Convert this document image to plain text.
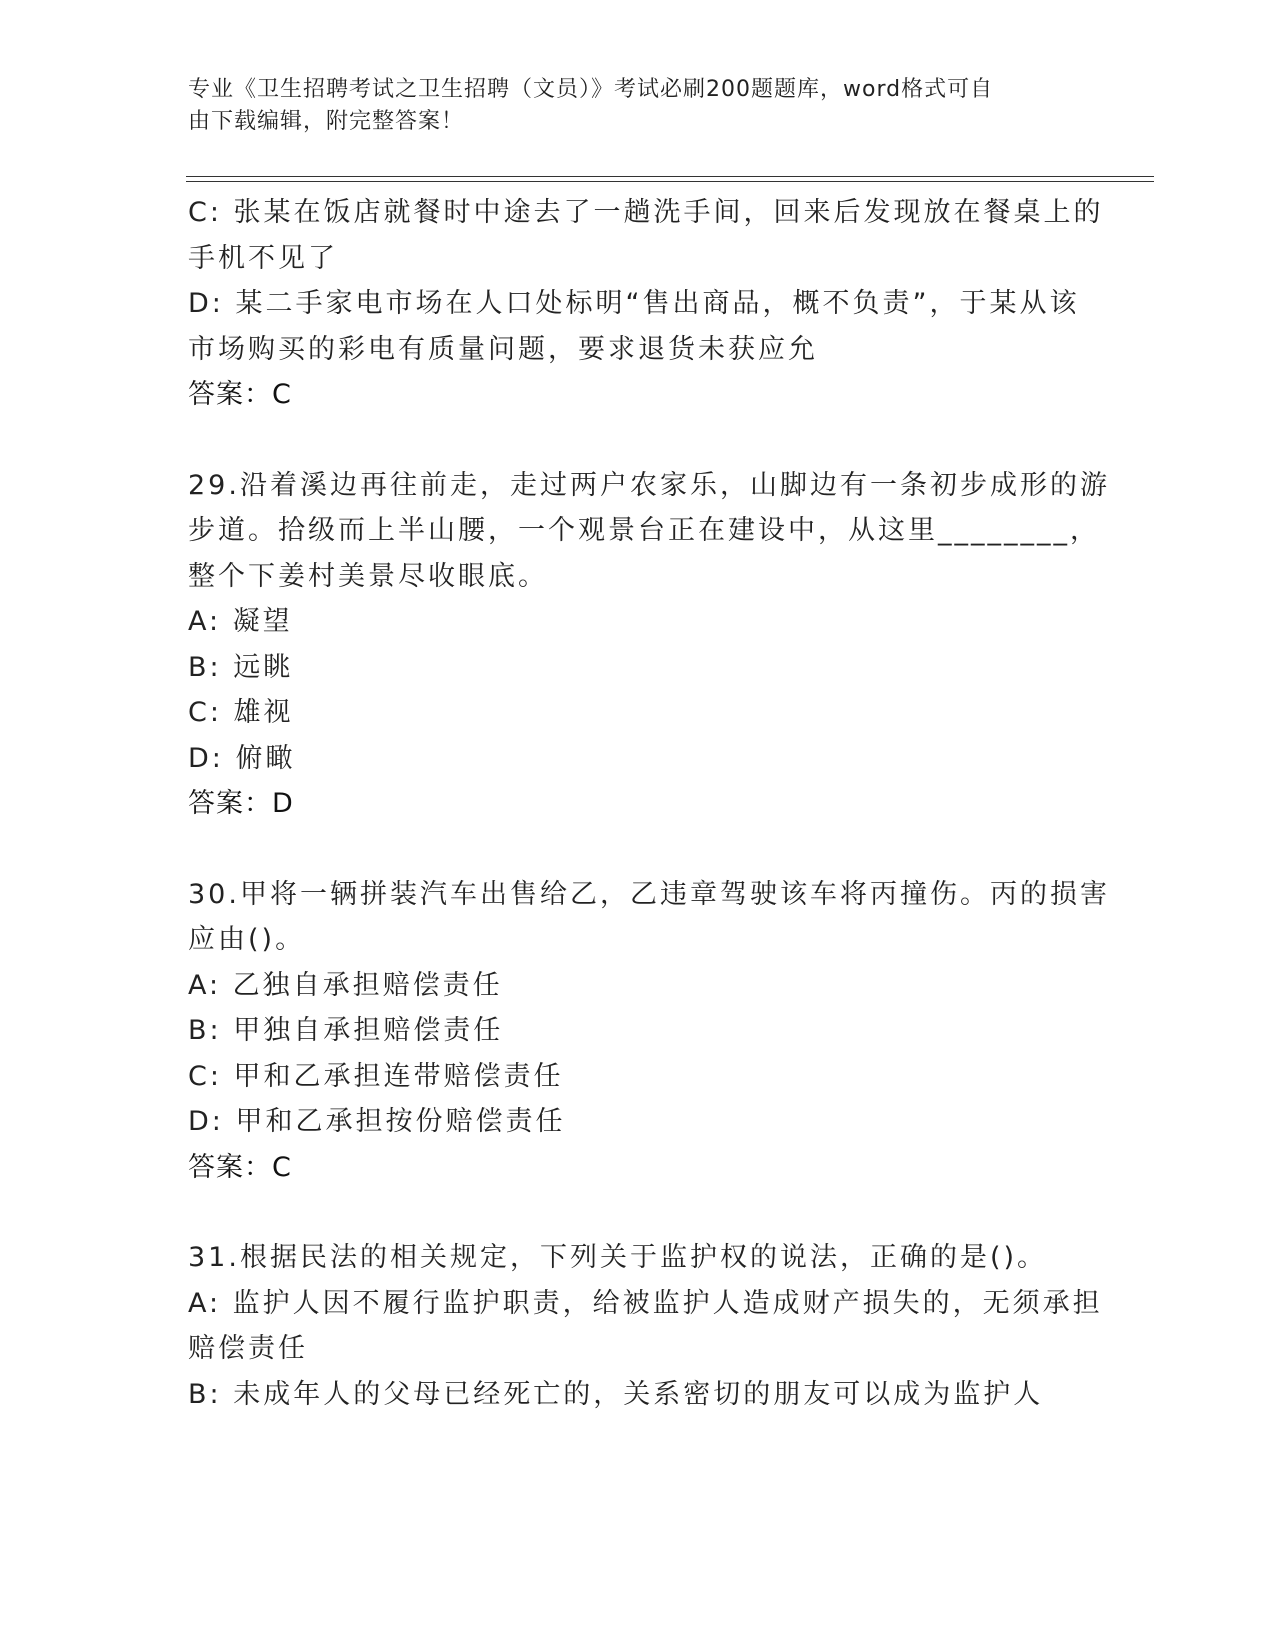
专业《卫生招聘考试之卫生招聘（文员）》考试必刷200题题库，word格式可自
由下载编辑，附完整答案！
C: 张某在饭店就餐时中途去了一趟洗手间，回来后发现放在餐桌上的
手机不见了
D: 某二手家电市场在人口处标明“售出商品，概不负责”，于某从该
市场购买的彩电有质量问题，要求退货未获应允
答案：C
29.沿着溪边再往前走，走过两户农家乐，山脚边有一条初步成形的游
步道。拾级而上半山腰，一个观景台正在建设中，从这里________，
整个下姜村美景尽收眼底。
A: 凝望
B: 远眺
C: 雄视
D: 俯瞰
答案：D
30.甲将一辆拼装汽车出售给乙，乙违章驾驶该车将丙撞伤。丙的损害
应由()。
A: 乙独自承担赔偿责任
B: 甲独自承担赔偿责任
C: 甲和乙承担连带赔偿责任
D: 甲和乙承担按份赔偿责任
答案：C
31.根据民法的相关规定，下列关于监护权的说法，正确的是()。
A: 监护人因不履行监护职责，给被监护人造成财产损失的，无须承担
赔偿责任
B: 未成年人的父母已经死亡的，关系密切的朋友可以成为监护人
